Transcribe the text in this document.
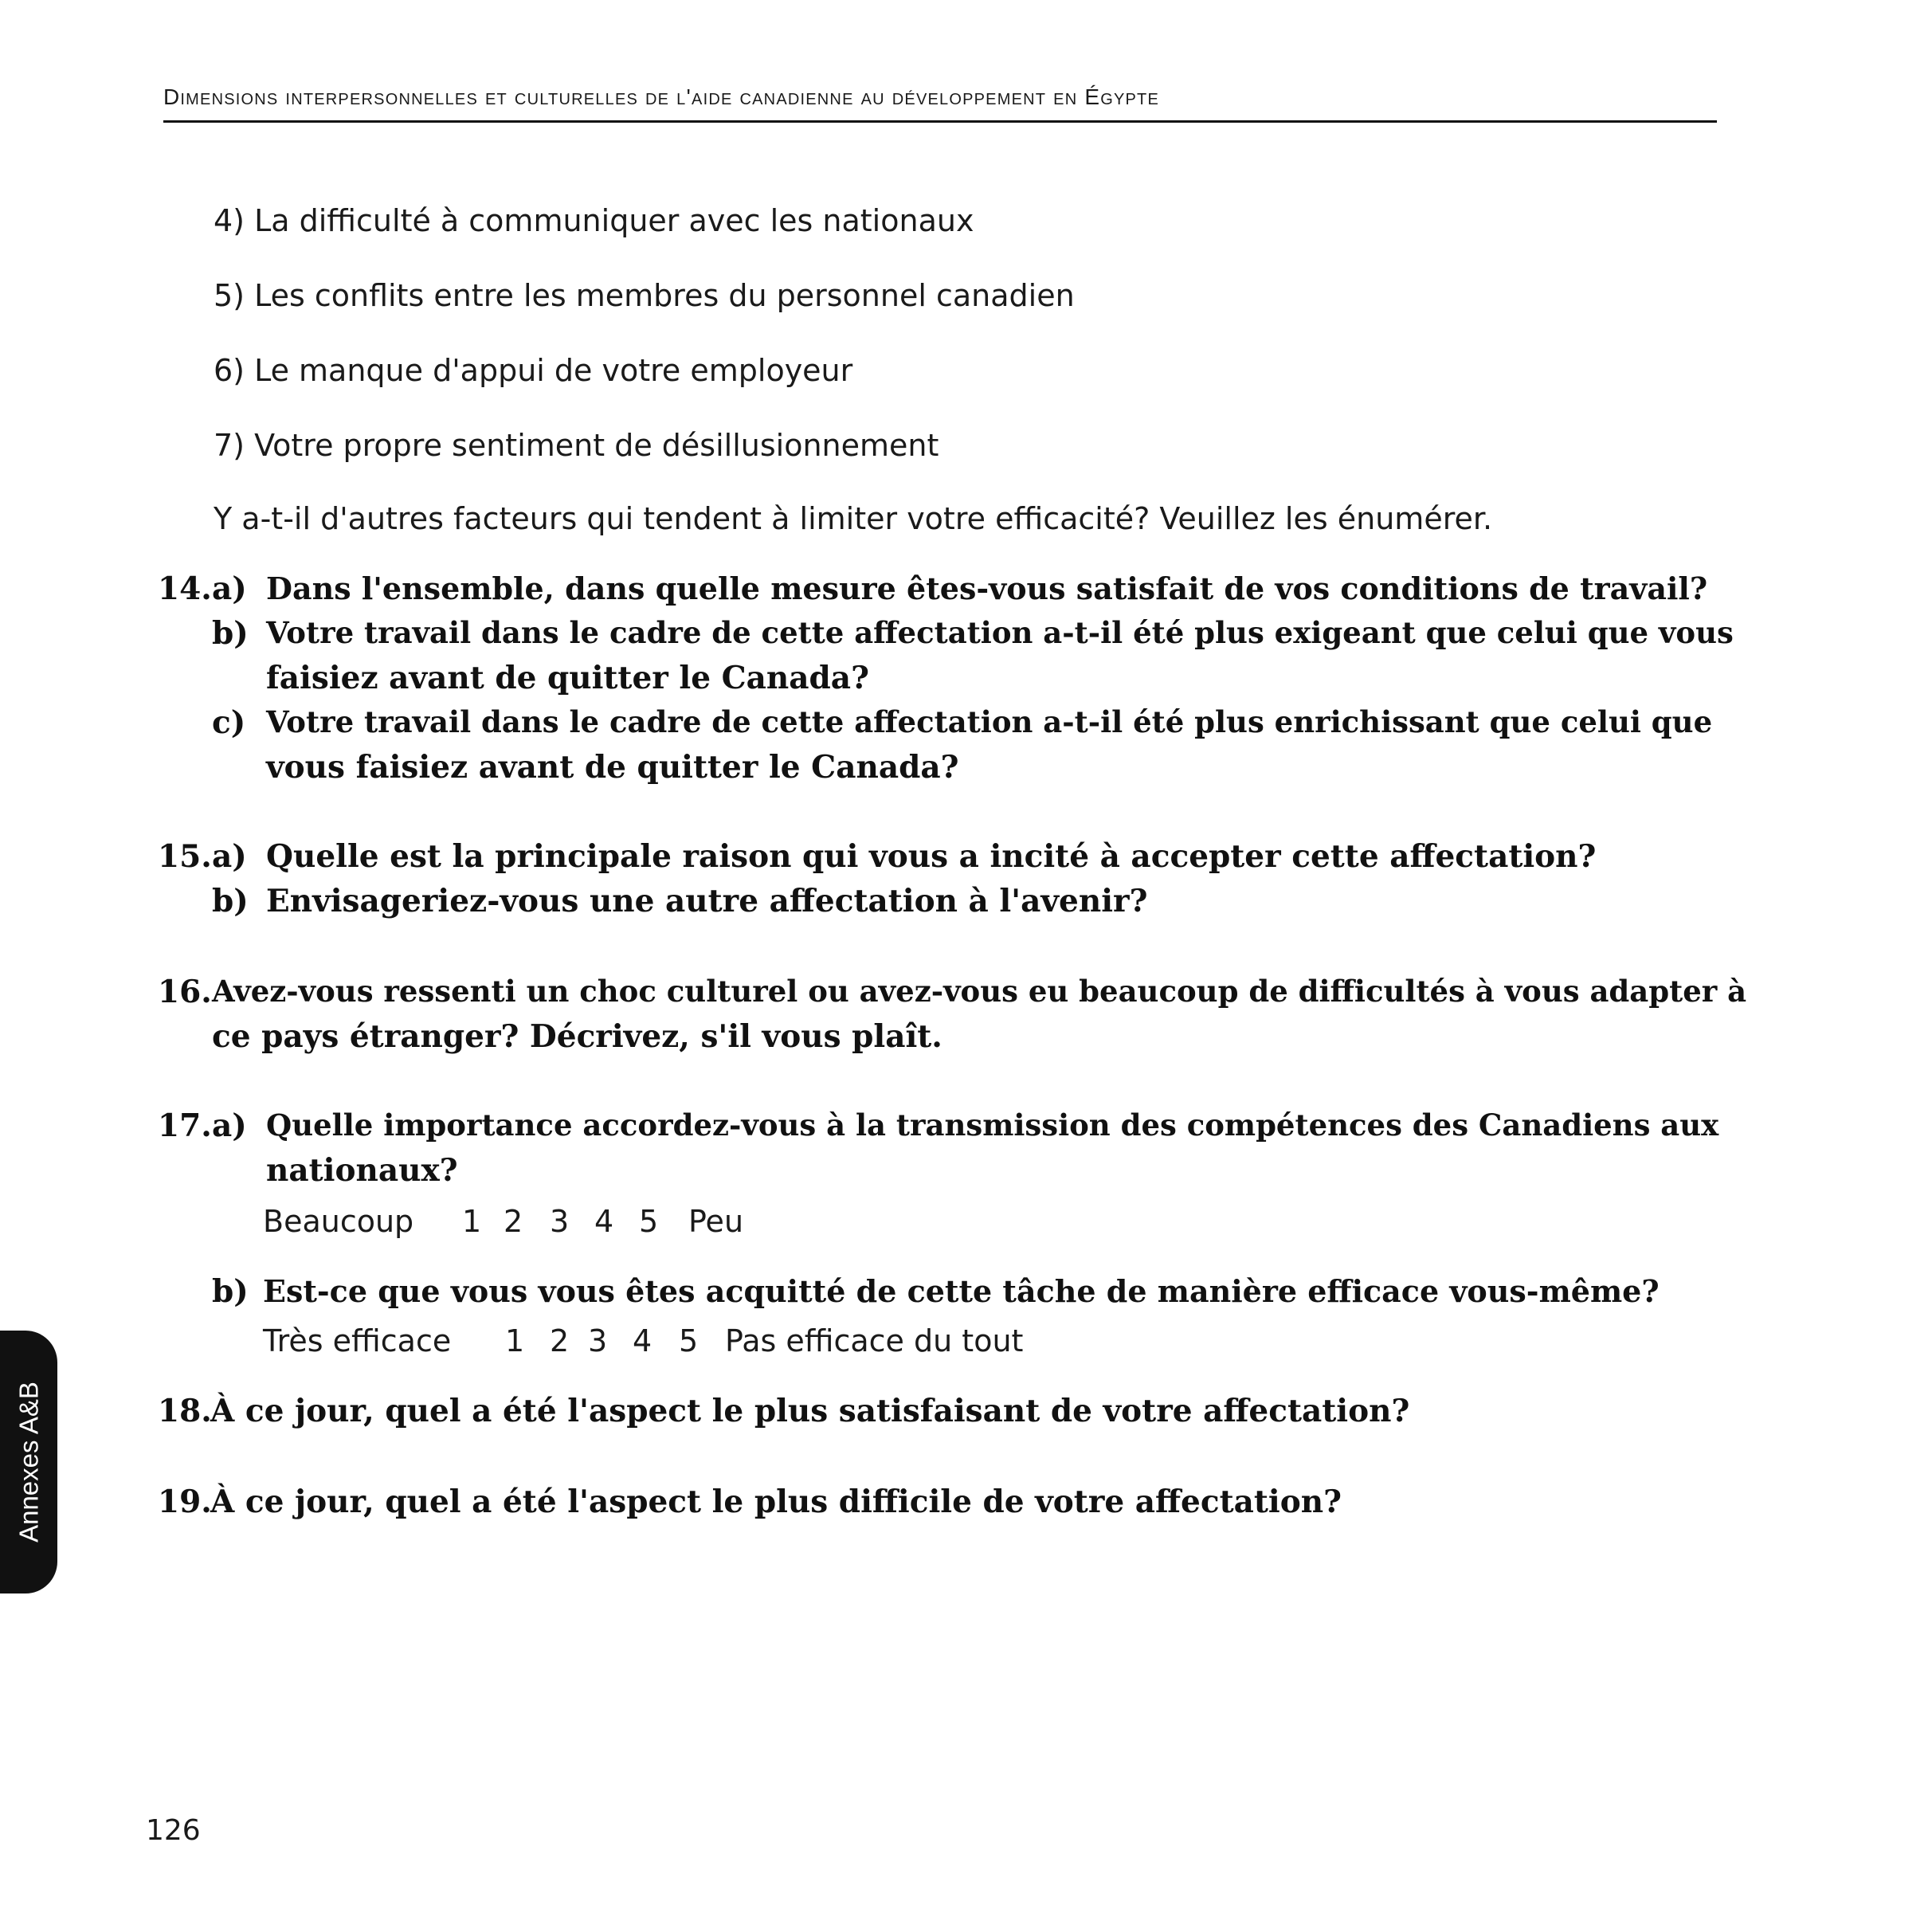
Dimensions interpersonnelles et culturelles de l'aide canadienne au développement en Égypte
4) La difficulté à communiquer avec les nationaux
5) Les conflits entre les membres du personnel canadien
6) Le manque d'appui de votre employeur
7) Votre propre sentiment de désillusionnement
Y a-t-il d'autres facteurs qui tendent à limiter votre efficacité? Veuillez les énumérer.
14. a) Dans l'ensemble, dans quelle mesure êtes-vous satisfait de vos conditions de travail?
b) Votre travail dans le cadre de cette affectation a-t-il été plus exigeant que celui que vous
faisiez avant de quitter le Canada?
c) Votre travail dans le cadre de cette affectation a-t-il été plus enrichissant que celui que
vous faisiez avant de quitter le Canada?
15. a) Quelle est la principale raison qui vous a incité à accepter cette affectation?
b) Envisageriez-vous une autre affectation à l'avenir?
16. Avez-vous ressenti un choc culturel ou avez-vous eu beaucoup de difficultés à vous adapter à
ce pays étranger? Décrivez, s'il vous plaît.
17. a) Quelle importance accordez-vous à la transmission des compétences des Canadiens aux
nationaux?
Beaucoup 1 2 3 4 5 Peu
b) Est-ce que vous vous êtes acquitté de cette tâche de manière efficace vous-même?
Très efficace 1 2 3 4 5 Pas efficace du tout
18.
À ce jour, quel a été l'aspect le plus satisfaisant de votre affectation?
19.
À ce jour, quel a été l'aspect le plus difficile de votre affectation?
Annexes A&B
126
